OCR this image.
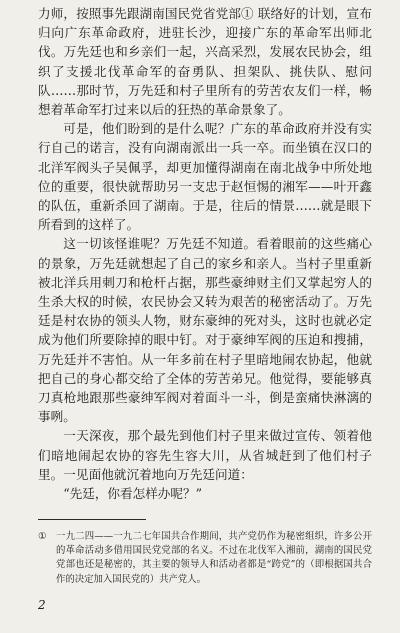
力师，按照事先跟湖南国民党省党部① 联络好的计划，宣布归向广东革命政府，进驻长沙，迎接广东的革命军出师北伐。万先廷也和乡亲们一起，兴高采烈，发展农民协会，组织了支援北伐革命军的奋勇队、担架队、挑伕队、慰问队……那时节，万先廷和村子里所有的劳苦农友们一样，畅想着革命军打过来以后的狂热的革命景象了。

可是，他们盼到的是什么呢？广东的革命政府并没有实行自己的诺言，没有向湖南派出一兵一卒。而坐镇在汉口的北洋军阀头子吴佩孚，却更加懂得湖南在南北战争中所处地位的重要，很快就帮助另一支忠于赵恒惕的湘军——叶开鑫的队伍，重新杀回了湖南。于是，往后的情景……就是眼下所看到的这样了。

这一切该怪谁呢？万先廷不知道。看着眼前的这些痛心的景象，万先廷就想起了自己的家乡和亲人。当村子里重新被北洋兵用刺刀和枪杆占据，那些豪绅财主们又掌起穷人的生杀大权的时候，农民协会又转为艰苦的秘密活动了。万先廷是村农协的领头人物，财东豪绅的死对头，这时也就必定成为他们所要除掉的眼中钉。对于豪绅军阀的压迫和搜捕，万先廷并不害怕。从一年多前在村子里暗地闹农协起，他就把自己的身心都交给了全体的劳苦弟兄。他觉得，要能够真刀真枪地跟那些豪绅军阀对着面斗一斗，倒是蛮痛快淋漓的事咧。

一天深夜，那个最先到他们村子里来做过宣传、领着他们暗地闹起农协的容先生容大川，从省城赶到了他们村子里。一见面他就沉着地向万先廷问道：

“先廷，你看怎样办呢？”

①	一九二四——一九二七年国共合作期间，共产党仍作为秘密组织，许多公开的革命活动多借用国民党党部的名义。不过在北伐军入湘前，湖南的国民党党部也还是秘密的，其主要的领导人和活动者都是“跨党”的（即根据国共合作的决定加入国民党的）共产党人。
2
